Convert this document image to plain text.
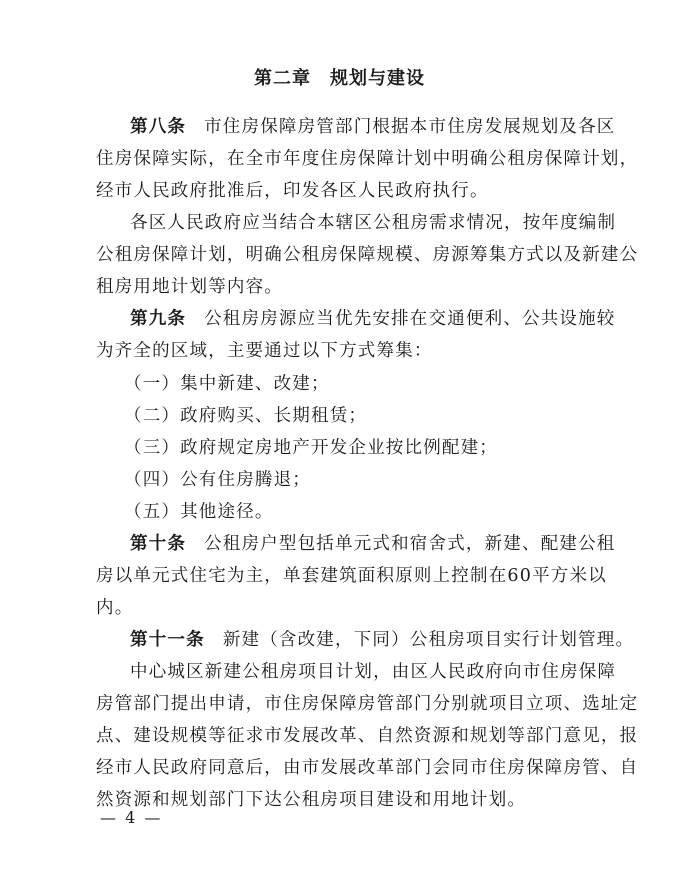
第二章　规划与建设
第八条 市住房保障房管部门根据本市住房发展规划及各区
住房保障实际，在全市年度住房保障计划中明确公租房保障计划，
经市人民政府批准后，印发各区人民政府执行。
各区人民政府应当结合本辖区公租房需求情况，按年度编制
公租房保障计划，明确公租房保障规模、房源筹集方式以及新建公
租房用地计划等内容。
第九条 公租房房源应当优先安排在交通便利、公共设施较
为齐全的区域，主要通过以下方式筹集：
（一）集中新建、改建；
（二）政府购买、长期租赁；
（三）政府规定房地产开发企业按比例配建；
（四）公有住房腾退；
（五）其他途径。
第十条 公租房户型包括单元式和宿舍式，新建、配建公租
房以单元式住宅为主，单套建筑面积原则上控制在60平方米以
内。
第十一条 新建（含改建，下同）公租房项目实行计划管理。
中心城区新建公租房项目计划，由区人民政府向市住房保障
房管部门提出申请，市住房保障房管部门分别就项目立项、选址定
点、建设规模等征求市发展改革、自然资源和规划等部门意见，报
经市人民政府同意后，由市发展改革部门会同市住房保障房管、自
然资源和规划部门下达公租房项目建设和用地计划。
— 4 —
